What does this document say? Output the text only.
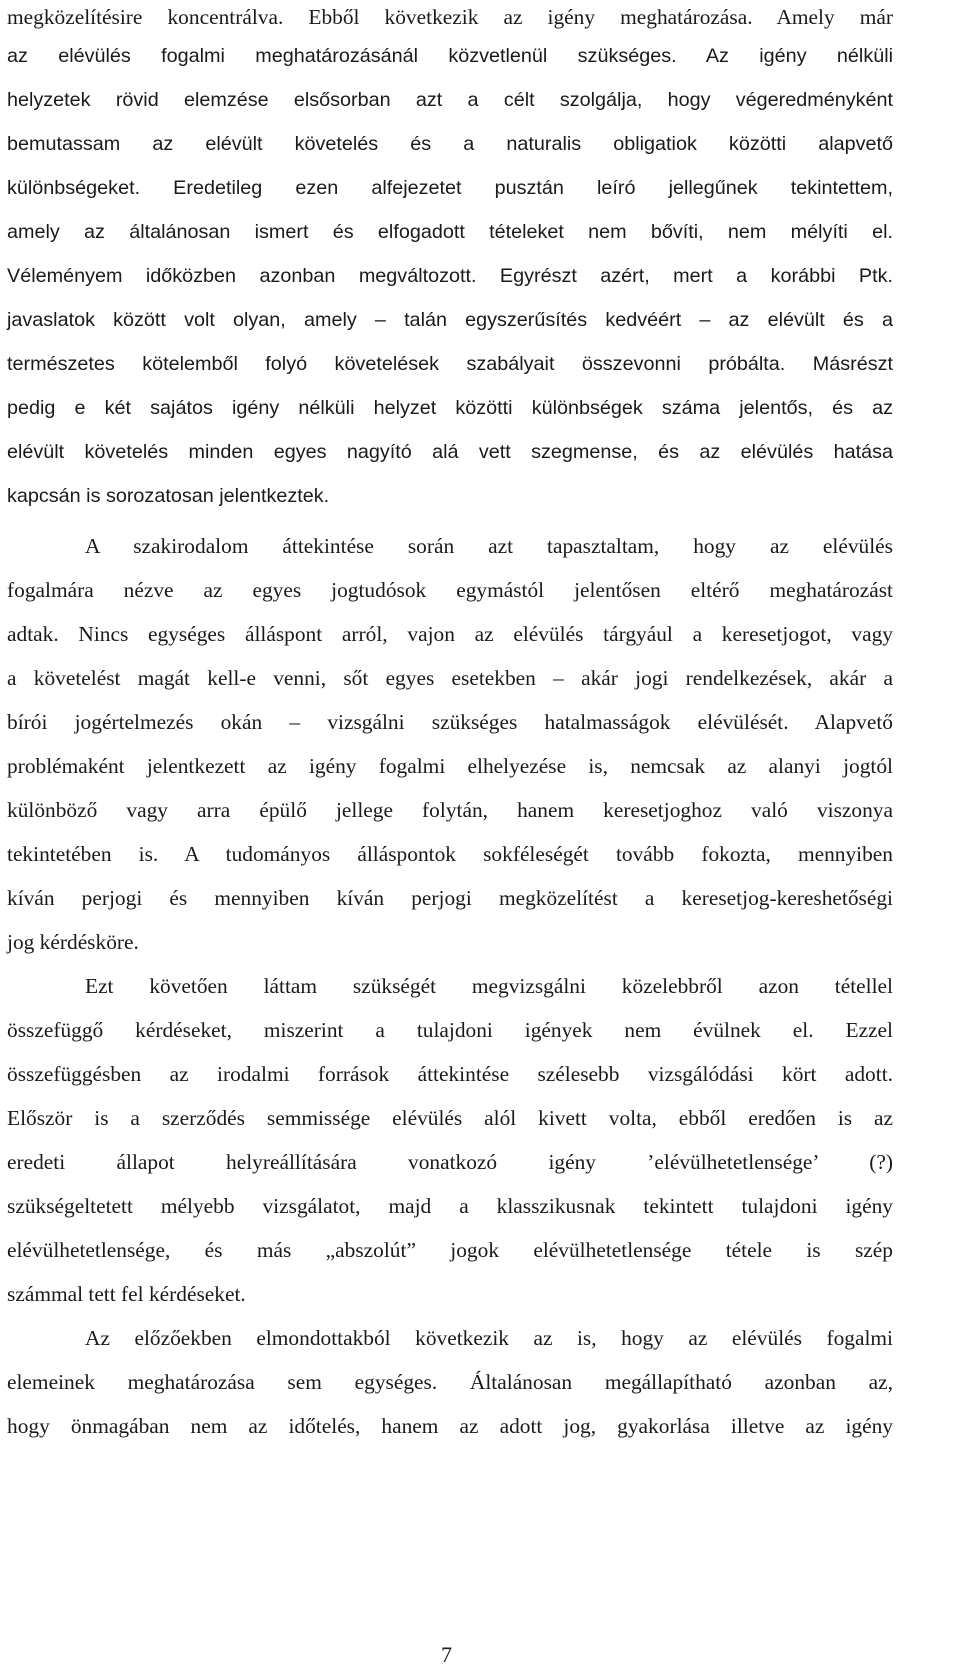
megközelítésire koncentrálva. Ebből következik az igény meghatározása. Amely már
az elévülés fogalmi meghatározásánál közvetlenül szükséges. Az igény nélküli
helyzetek rövid elemzése elsősorban azt a célt szolgálja, hogy végeredményként
bemutassam az elévült követelés és a naturalis obligatiok közötti alapvető
különbségeket. Eredetileg ezen alfejezetet pusztán leíró jellegűnek tekintettem,
amely az általánosan ismert és elfogadott tételeket nem bővíti, nem mélyíti el.
Véleményem időközben azonban megváltozott. Egyrészt azért, mert a korábbi Ptk.
javaslatok között volt olyan, amely – talán egyszerűsítés kedvéért – az elévült és a
természetes kötelemből folyó követelések szabályait összevonni próbálta. Másrészt
pedig e két sajátos igény nélküli helyzet közötti különbségek száma jelentős, és az
elévült követelés minden egyes nagyító alá vett szegmense, és az elévülés hatása
kapcsán is sorozatosan jelentkeztek.
A szakirodalom áttekintése során azt tapasztaltam, hogy az elévülés
fogalmára nézve az egyes jogtudósok egymástól jelentősen eltérő meghatározást
adtak. Nincs egységes álláspont arról, vajon az elévülés tárgyául a keresetjogot, vagy
a követelést magát kell-e venni, sőt egyes esetekben – akár jogi rendelkezések, akár a
bírói jogértelmezés okán – vizsgálni szükséges hatalmasságok elévülését. Alapvető
problémaként jelentkezett az igény fogalmi elhelyezése is, nemcsak az alanyi jogtól
különböző vagy arra épülő jellege folytán, hanem keresetjoghoz való viszonya
tekintetében is. A tudományos álláspontok sokféleségét tovább fokozta, mennyiben
kíván perjogi és mennyiben kíván perjogi megközelítést a keresetjog-kereshetőségi
jog kérdésköre.
Ezt követően láttam szükségét megvizsgálni közelebbről azon tétellel
összefüggő kérdéseket, miszerint a tulajdoni igények nem évülnek el. Ezzel
összefüggésben az irodalmi források áttekintése szélesebb vizsgálódási kört adott.
Először is a szerződés semmissége elévülés alól kivett volta, ebből eredően is az
eredeti állapot helyreállítására vonatkozó igény ’elévülhetetlensége’ (?)
szükségeltetett mélyebb vizsgálatot, majd a klasszikusnak tekintett tulajdoni igény
elévülhetetlensége, és más „abszolút” jogok elévülhetetlensége tétele is szép
számmal tett fel kérdéseket.
Az előzőekben elmondottakból következik az is, hogy az elévülés fogalmi
elemeinek meghatározása sem egységes. Általánosan megállapítható azonban az,
hogy önmagában nem az időtelés, hanem az adott jog, gyakorlása illetve az igény
7
